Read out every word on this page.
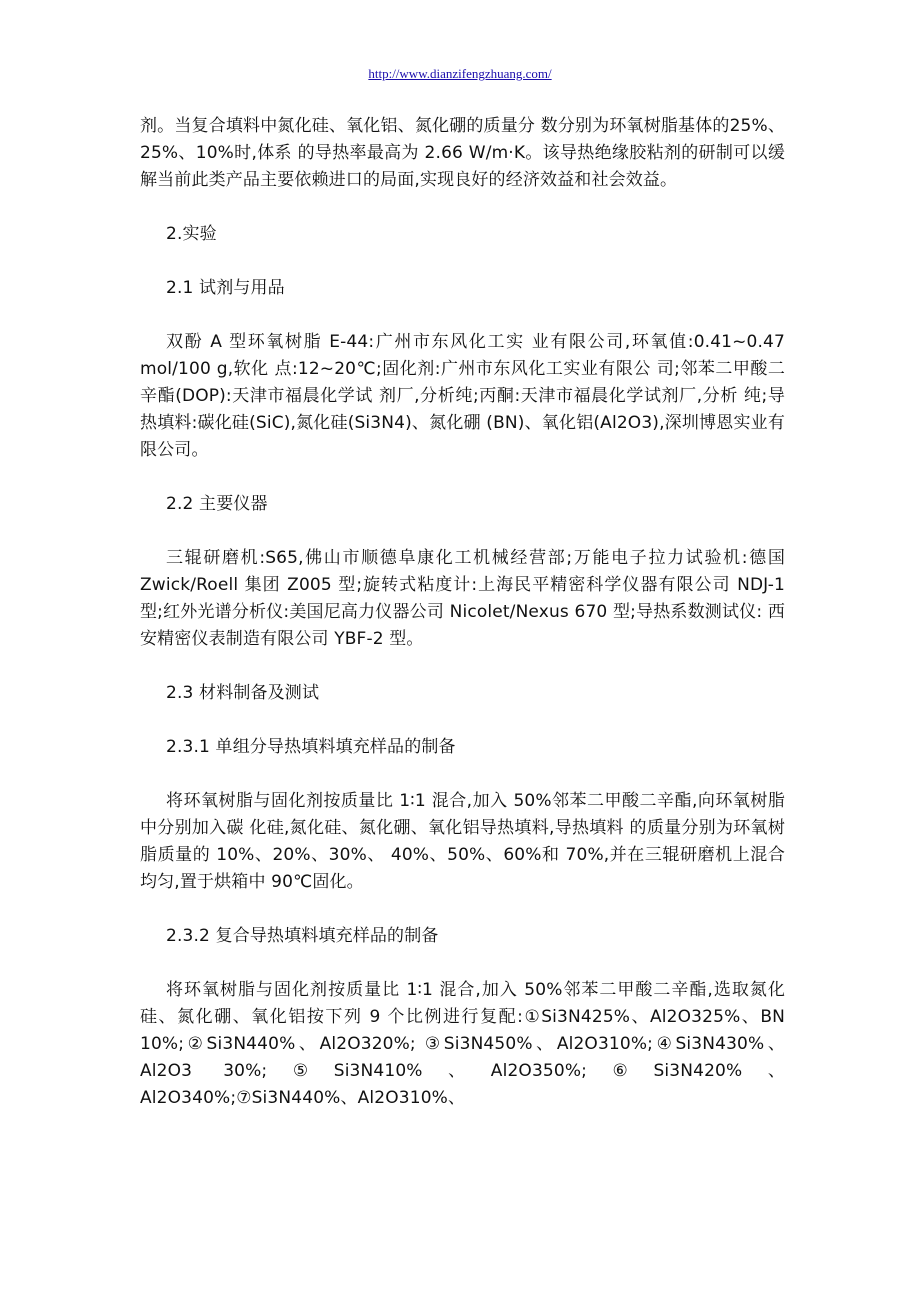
http://www.dianzifengzhuang.com/

剂。当复合填料中氮化硅、氧化铝、氮化硼的质量分 数分别为环氧树脂基体的25%、25%、10%时,体系 的导热率最高为 2.66 W/m·K。该导热绝缘胶粘剂的研制可以缓解当前此类产品主要依赖进口的局面,实现良好的经济效益和社会效益。

2.实验

2.1 试剂与用品

双酚 A 型环氧树脂 E-44:广州市东风化工实 业有限公司,环氧值:0.41~0.47 mol/100 g,软化 点:12~20℃;固化剂:广州市东风化工实业有限公 司;邻苯二甲酸二辛酯(DOP):天津市福晨化学试 剂厂,分析纯;丙酮:天津市福晨化学试剂厂,分析 纯;导热填料:碳化硅(SiC),氮化硅(Si3N4)、氮化硼 (BN)、氧化铝(Al2O3),深圳博恩实业有限公司。

2.2 主要仪器

三辊研磨机:S65,佛山市顺德阜康化工机械经营部;万能电子拉力试验机:德国 Zwick/Roell 集团 Z005 型;旋转式粘度计:上海民平精密科学仪器有限公司 NDJ-1 型;红外光谱分析仪:美国尼高力仪器公司 Nicolet/Nexus 670 型;导热系数测试仪: 西安精密仪表制造有限公司 YBF-2 型。

2.3 材料制备及测试

2.3.1 单组分导热填料填充样品的制备

将环氧树脂与固化剂按质量比 1∶1 混合,加入 50%邻苯二甲酸二辛酯,向环氧树脂中分别加入碳 化硅,氮化硅、氮化硼、氧化铝导热填料,导热填料 的质量分别为环氧树脂质量的 10%、20%、30%、 40%、50%、60%和 70%,并在三辊研磨机上混合均匀,置于烘箱中 90℃固化。

2.3.2 复合导热填料填充样品的制备

将环氧树脂与固化剂按质量比 1∶1 混合,加入 50%邻苯二甲酸二辛酯,选取氮化硅、氮化硼、氧化铝按下列 9 个比例进行复配:①Si3N425%、Al2O325%、BN 10%;②Si3N440%、Al2O320%; ③Si3N450%、Al2O310%;④Si3N430%、Al2O3 30%;⑤Si3N410%、Al2O350%;⑥Si3N420%、 Al2O340%;⑦Si3N440%、Al2O310%、
